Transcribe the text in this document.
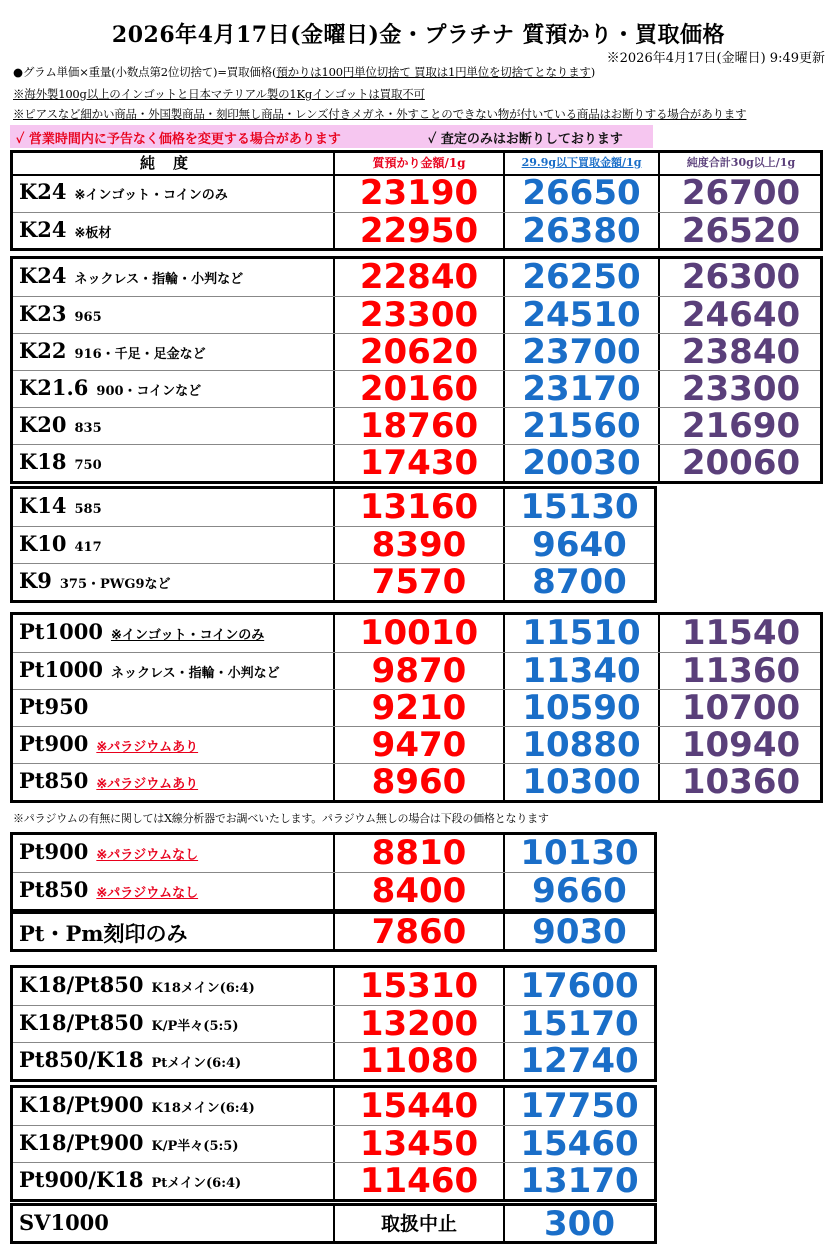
2026年4月17日(金曜日)金・プラチナ 質預かり・買取価格
※2026年4月17日(金曜日) 9:49更新
●グラム単価×重量(小数点第2位切捨て)=買取価格(預かりは100円単位切捨て 買取は1円単位を切捨てとなります)
※海外製100g以上のインゴットと日本マテリアル製の1Kgインゴットは買取不可
※ピアスなど細かい商品・外国製商品・刻印無し商品・レンズ付きメガネ・外すことのできない物が付いている商品はお断りする場合があります
✓ 営業時間内に予告なく価格を変更する場合があります	✓ 査定のみはお断りしております
純度	質預かり金額/1g	29.9g以下買取金額/1g	純度合計30g以上/1g
K24 ※インゴット・コインのみ	23190	26650	26700
K24 ※板材	22950	26380	26520
K24 ネックレス・指輪・小判など	22840	26250	26300
K23 965	23300	24510	24640
K22 916・千足・足金など	20620	23700	23840
K21.6 900・コインなど	20160	23170	23300
K20 835	18760	21560	21690
K18 750	17430	20030	20060
K14 585	13160	15130
K10 417	8390	9640
K9 375・PWG9など	7570	8700
Pt1000 ※インゴット・コインのみ	10010	11510	11540
Pt1000 ネックレス・指輪・小判など	9870	11340	11360
Pt950	9210	10590	10700
Pt900 ※パラジウムあり	9470	10880	10940
Pt850 ※パラジウムあり	8960	10300	10360
※パラジウムの有無に関してはX線分析器でお調べいたします。パラジウム無しの場合は下段の価格となります
Pt900 ※パラジウムなし	8810	10130
Pt850 ※パラジウムなし	8400	9660
Pt・Pm刻印のみ	7860	9030
K18/Pt850 K18メイン(6:4)	15310	17600
K18/Pt850 K/P半々(5:5)	13200	15170
Pt850/K18 Ptメイン(6:4)	11080	12740
K18/Pt900 K18メイン(6:4)	15440	17750
K18/Pt900 K/P半々(5:5)	13450	15460
Pt900/K18 Ptメイン(6:4)	11460	13170
SV1000	取扱中止	300
